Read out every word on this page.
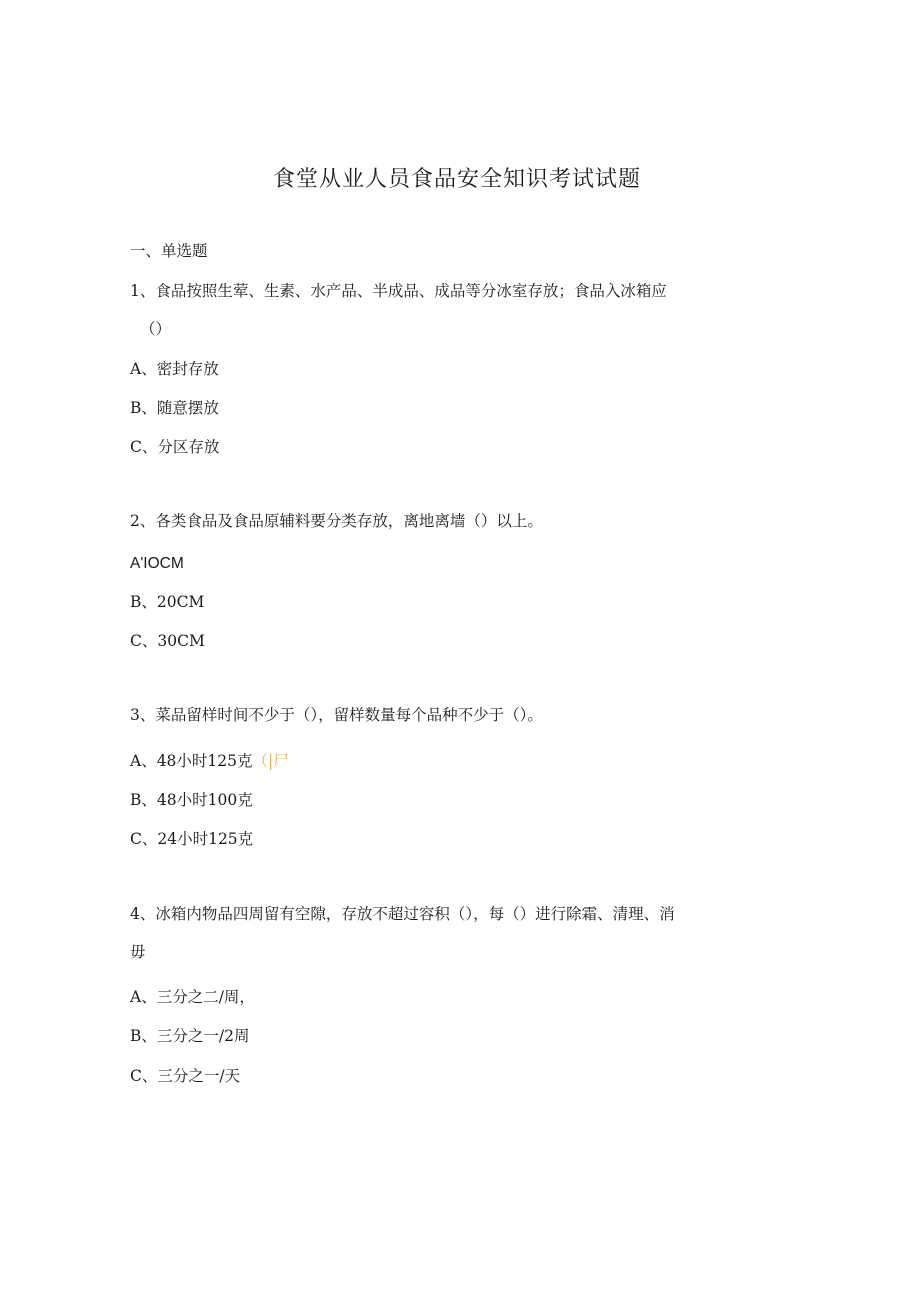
食堂从业人员食品安全知识考试试题
一、单选题
1、食品按照生荤、生素、水产品、半成品、成品等分冰室存放；食品入冰箱应
（）
A、密封存放
B、随意摆放
C、分区存放
2、各类食品及食品原辅料要分类存放，离地离墙（）以上。
A'IOCM
B、20CM
C、30CM
3、菜品留样时间不少于（），留样数量每个品种不少于（）。
A、48小时125克（|尸
B、48小时100克
C、24小时125克
4、冰箱内物品四周留有空隙，存放不超过容积（），每（）进行除霜、清理、消
毋
A、三分之二/周，
B、三分之一/2周
C、三分之一/天
